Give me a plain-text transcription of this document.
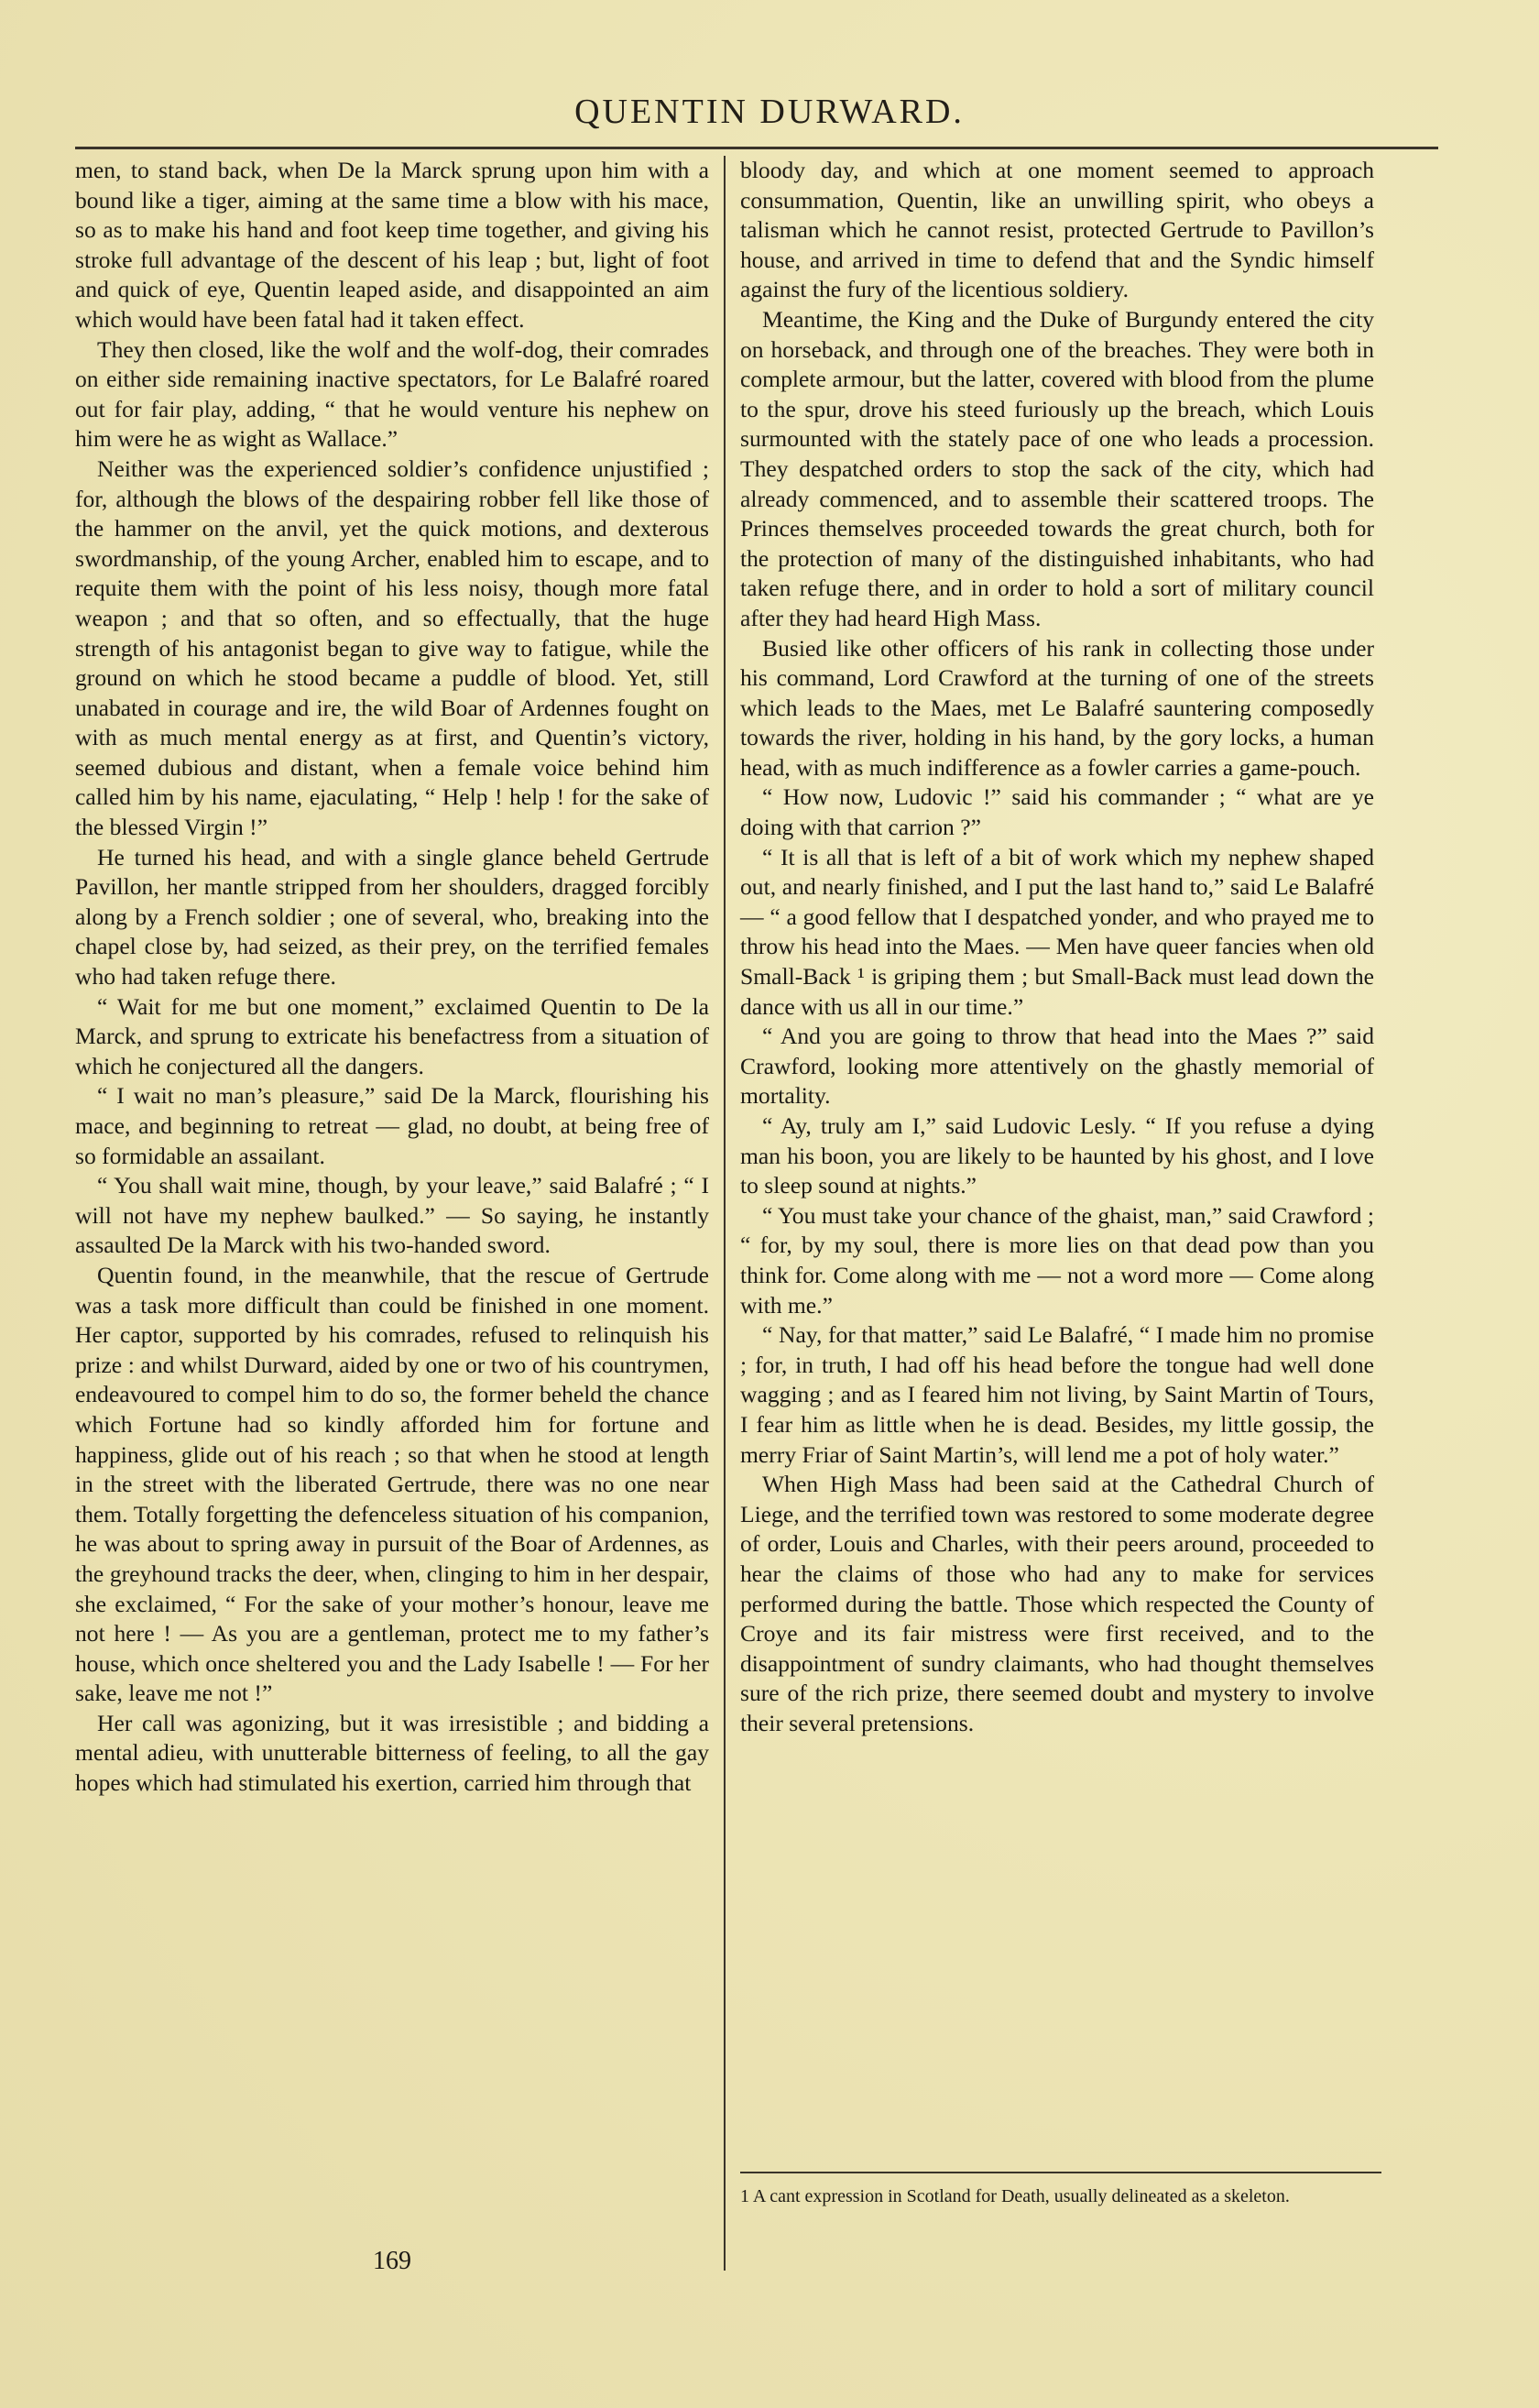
QUENTIN DURWARD.

men, to stand back, when De la Marck sprung upon him with a bound like a tiger, aiming at the same time a blow with his mace, so as to make his hand and foot keep time together, and giving his stroke full advantage of the descent of his leap ; but, light of foot and quick of eye, Quentin leaped aside, and disappointed an aim which would have been fatal had it taken effect.

They then closed, like the wolf and the wolf-dog, their comrades on either side remaining inactive spectators, for Le Balafré roared out for fair play, adding, “ that he would venture his nephew on him were he as wight as Wallace.”

Neither was the experienced soldier’s confidence unjustified ; for, although the blows of the despairing robber fell like those of the hammer on the anvil, yet the quick motions, and dexterous swordmanship, of the young Archer, enabled him to escape, and to requite them with the point of his less noisy, though more fatal weapon ; and that so often, and so effectually, that the huge strength of his antagonist began to give way to fatigue, while the ground on which he stood became a puddle of blood. Yet, still unabated in courage and ire, the wild Boar of Ardennes fought on with as much mental energy as at first, and Quentin’s victory, seemed dubious and distant, when a female voice behind him called him by his name, ejaculating, “ Help ! help ! for the sake of the blessed Virgin !”

He turned his head, and with a single glance beheld Gertrude Pavillon, her mantle stripped from her shoulders, dragged forcibly along by a French soldier ; one of several, who, breaking into the chapel close by, had seized, as their prey, on the terrified females who had taken refuge there.

“ Wait for me but one moment,” exclaimed Quentin to De la Marck, and sprung to extricate his benefactress from a situation of which he conjectured all the dangers.

“ I wait no man’s pleasure,” said De la Marck, flourishing his mace, and beginning to retreat — glad, no doubt, at being free of so formidable an assailant.

“ You shall wait mine, though, by your leave,” said Balafré ; “ I will not have my nephew baulked.” — So saying, he instantly assaulted De la Marck with his two-handed sword.

Quentin found, in the meanwhile, that the rescue of Gertrude was a task more difficult than could be finished in one moment. Her captor, supported by his comrades, refused to relinquish his prize : and whilst Durward, aided by one or two of his countrymen, endeavoured to compel him to do so, the former beheld the chance which Fortune had so kindly afforded him for fortune and happiness, glide out of his reach ; so that when he stood at length in the street with the liberated Gertrude, there was no one near them. Totally forgetting the defenceless situation of his companion, he was about to spring away in pursuit of the Boar of Ardennes, as the greyhound tracks the deer, when, clinging to him in her despair, she exclaimed, “ For the sake of your mother’s honour, leave me not here ! — As you are a gentleman, protect me to my father’s house, which once sheltered you and the Lady Isabelle ! — For her sake, leave me not !”

Her call was agonizing, but it was irresistible ; and bidding a mental adieu, with unutterable bitterness of feeling, to all the gay hopes which had stimulated his exertion, carried him through that

bloody day, and which at one moment seemed to approach consummation, Quentin, like an unwilling spirit, who obeys a talisman which he cannot resist, protected Gertrude to Pavillon’s house, and arrived in time to defend that and the Syndic himself against the fury of the licentious soldiery.

Meantime, the King and the Duke of Burgundy entered the city on horseback, and through one of the breaches. They were both in complete armour, but the latter, covered with blood from the plume to the spur, drove his steed furiously up the breach, which Louis surmounted with the stately pace of one who leads a procession. They despatched orders to stop the sack of the city, which had already commenced, and to assemble their scattered troops. The Princes themselves proceeded towards the great church, both for the protection of many of the distinguished inhabitants, who had taken refuge there, and in order to hold a sort of military council after they had heard High Mass.

Busied like other officers of his rank in collecting those under his command, Lord Crawford at the turning of one of the streets which leads to the Maes, met Le Balafré sauntering composedly towards the river, holding in his hand, by the gory locks, a human head, with as much indifference as a fowler carries a game-pouch.

“ How now, Ludovic !” said his commander ; “ what are ye doing with that carrion ?”

“ It is all that is left of a bit of work which my nephew shaped out, and nearly finished, and I put the last hand to,” said Le Balafré — “ a good fellow that I despatched yonder, and who prayed me to throw his head into the Maes. — Men have queer fancies when old Small-Back ¹ is griping them ; but Small-Back must lead down the dance with us all in our time.”

“ And you are going to throw that head into the Maes ?” said Crawford, looking more attentively on the ghastly memorial of mortality.

“ Ay, truly am I,” said Ludovic Lesly. “ If you refuse a dying man his boon, you are likely to be haunted by his ghost, and I love to sleep sound at nights.”

“ You must take your chance of the ghaist, man,” said Crawford ; “ for, by my soul, there is more lies on that dead pow than you think for. Come along with me — not a word more — Come along with me.”

“ Nay, for that matter,” said Le Balafré, “ I made him no promise ; for, in truth, I had off his head before the tongue had well done wagging ; and as I feared him not living, by Saint Martin of Tours, I fear him as little when he is dead. Besides, my little gossip, the merry Friar of Saint Martin’s, will lend me a pot of holy water.”

When High Mass had been said at the Cathedral Church of Liege, and the terrified town was restored to some moderate degree of order, Louis and Charles, with their peers around, proceeded to hear the claims of those who had any to make for services performed during the battle. Those which respected the County of Croye and its fair mistress were first received, and to the disappointment of sundry claimants, who had thought themselves sure of the rich prize, there seemed doubt and mystery to involve their several pretensions.

1 A cant expression in Scotland for Death, usually delineated as a skeleton.
169
